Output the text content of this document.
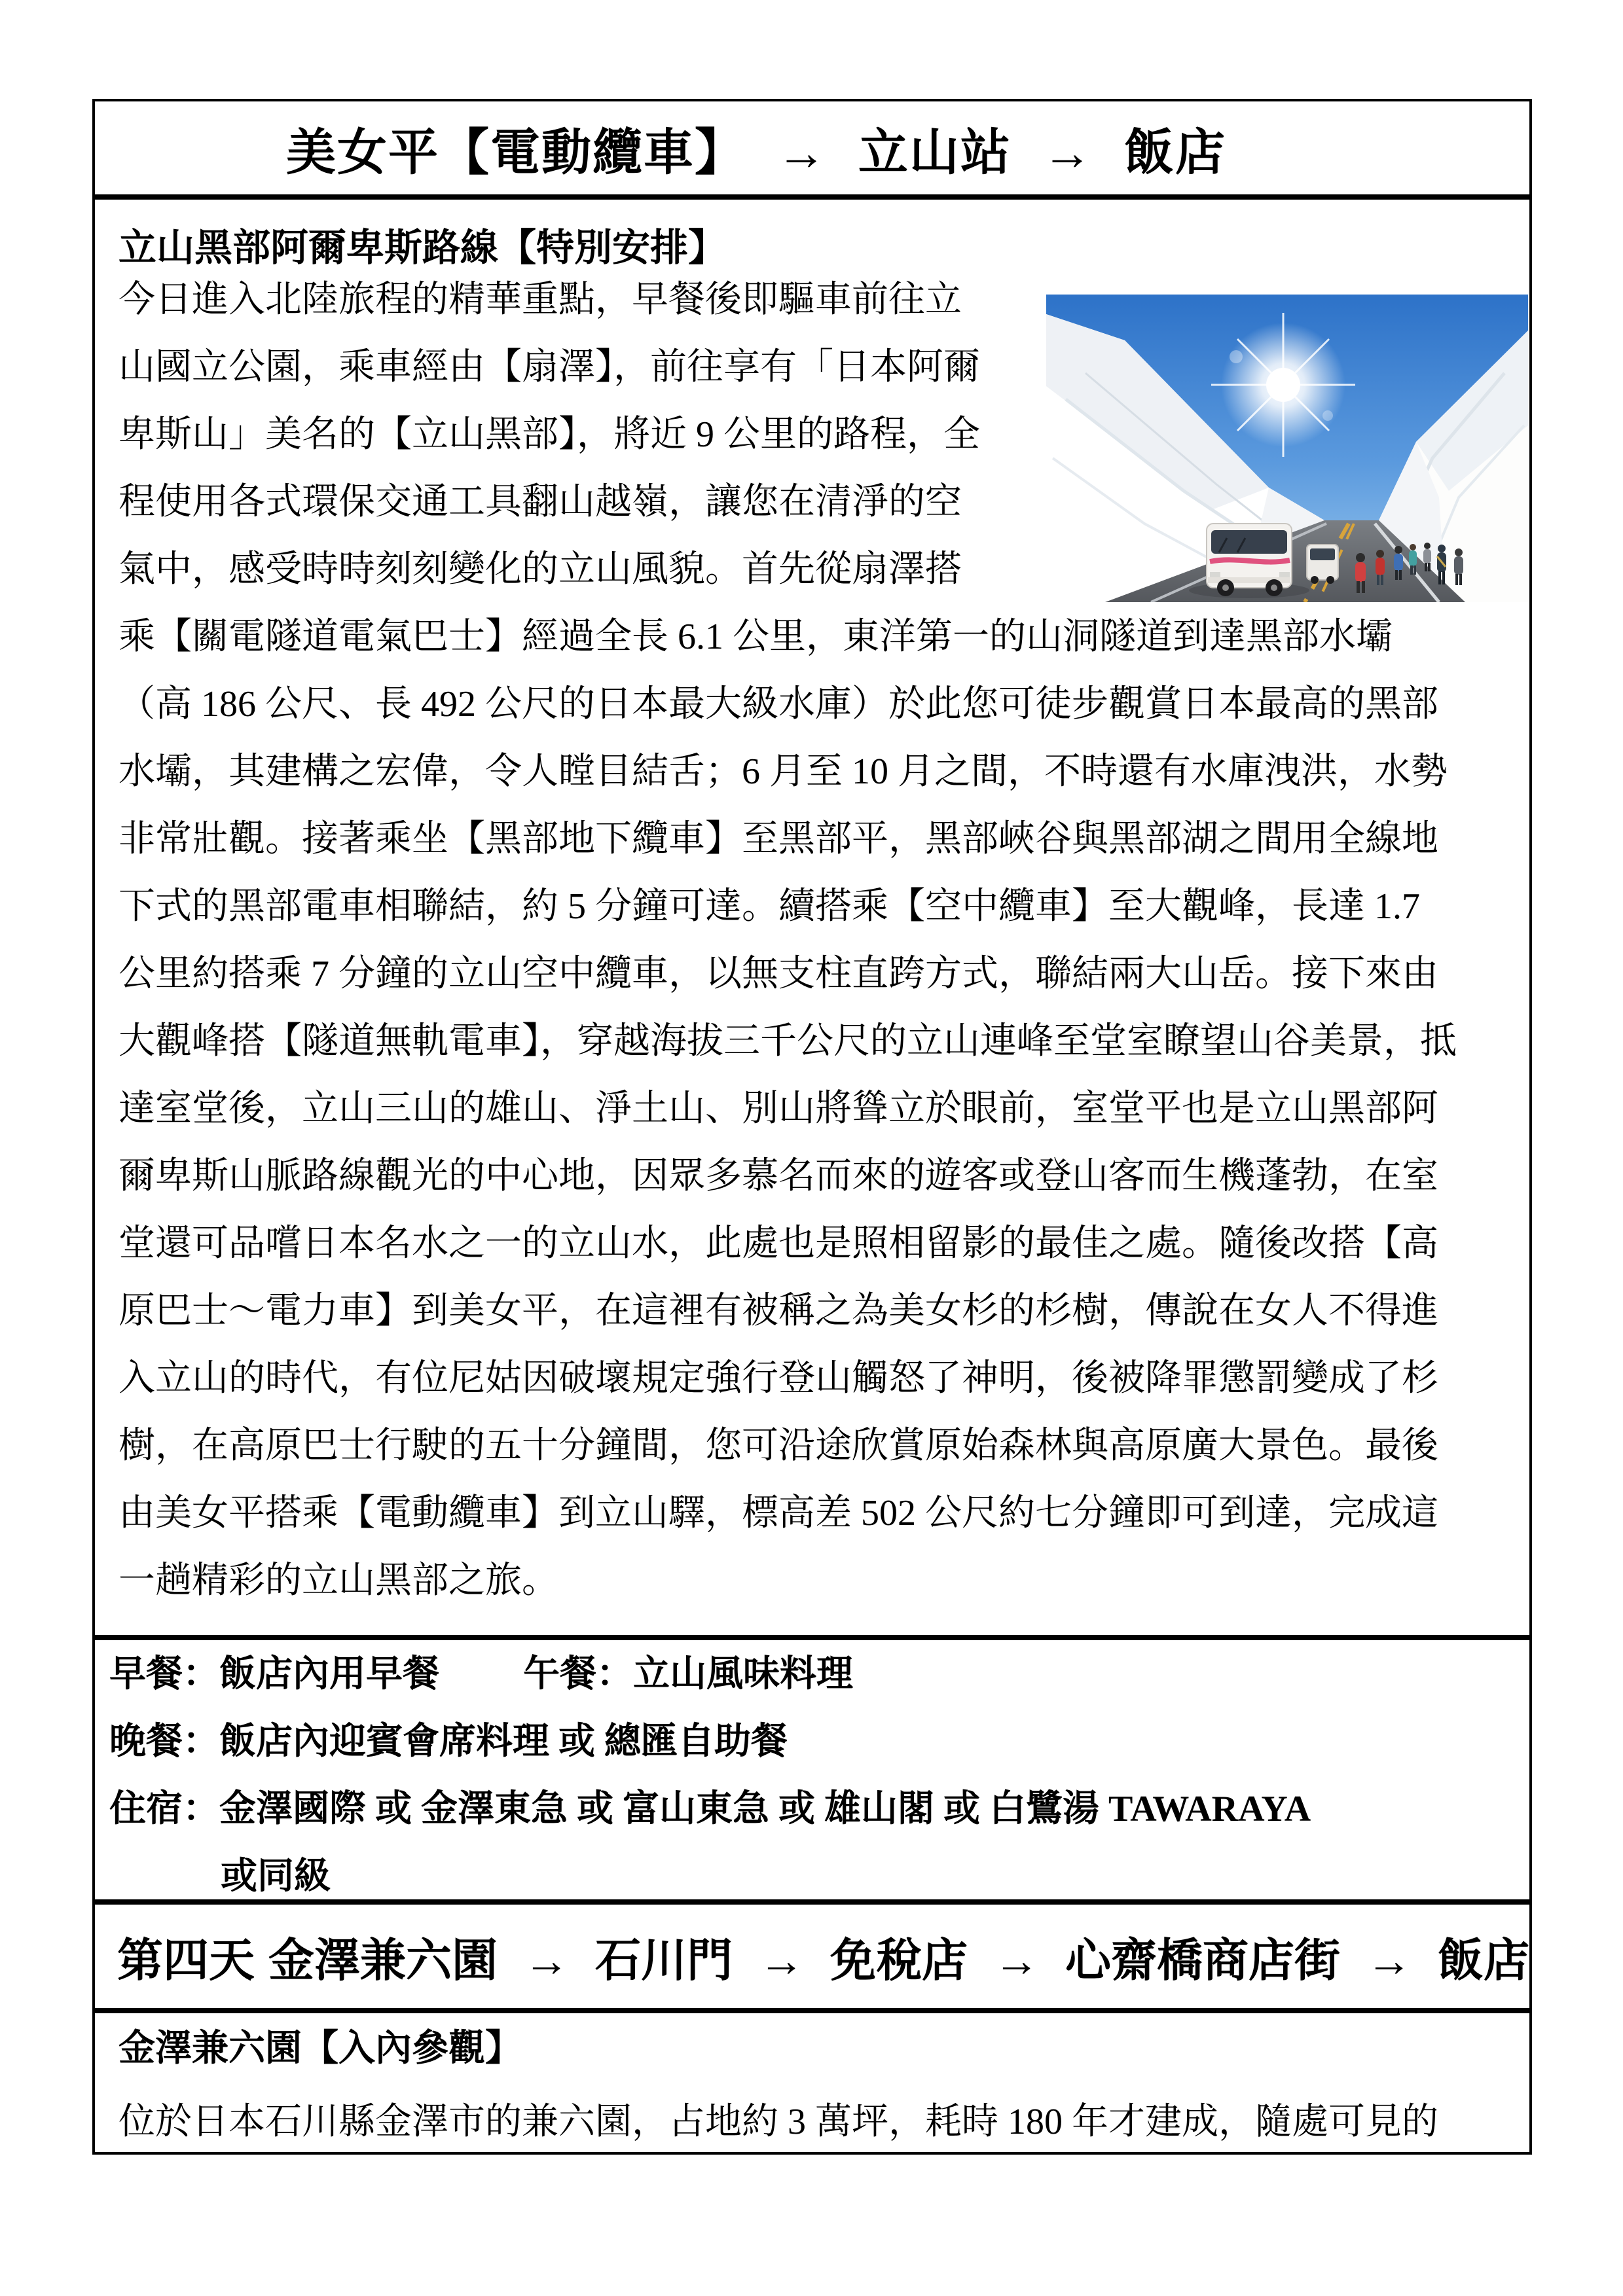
美女平【電動纜車】 → 立山站 → 飯店
立山黑部阿爾卑斯路線【特別安排】
今日進入北陸旅程的精華重點，早餐後即驅車前往立
山國立公園，乘車經由【扇澤】，前往享有「日本阿爾
卑斯山」美名的【立山黑部】，將近 9 公里的路程，全
程使用各式環保交通工具翻山越嶺，讓您在清淨的空
氣中，感受時時刻刻變化的立山風貌。首先從扇澤搭
乘【關電隧道電氣巴士】經過全長 6.1 公里，東洋第一的山洞隧道到達黑部水壩
（高 186 公尺、長 492 公尺的日本最大級水庫）於此您可徒步觀賞日本最高的黑部
水壩，其建構之宏偉，令人瞠目結舌；6 月至 10 月之間，不時還有水庫洩洪，水勢
非常壯觀。接著乘坐【黑部地下纜車】至黑部平，黑部峽谷與黑部湖之間用全線地
下式的黑部電車相聯結，約 5 分鐘可達。續搭乘【空中纜車】至大觀峰，長達 1.7
公里約搭乘 7 分鐘的立山空中纜車，以無支柱直跨方式，聯結兩大山岳。接下來由
大觀峰搭【隧道無軌電車】，穿越海拔三千公尺的立山連峰至堂室瞭望山谷美景，抵
達室堂後，立山三山的雄山、淨土山、別山將聳立於眼前，室堂平也是立山黑部阿
爾卑斯山脈路線觀光的中心地，因眾多慕名而來的遊客或登山客而生機蓬勃，在室
堂還可品嚐日本名水之一的立山水，此處也是照相留影的最佳之處。隨後改搭【高
原巴士～電力車】到美女平，在這裡有被稱之為美女杉的杉樹，傳說在女人不得進
入立山的時代，有位尼姑因破壞規定強行登山觸怒了神明，後被降罪懲罰變成了杉
樹，在高原巴士行駛的五十分鐘間，您可沿途欣賞原始森林與高原廣大景色。最後
由美女平搭乘【電動纜車】到立山驛，標高差 502 公尺約七分鐘即可到達，完成這
一趟精彩的立山黑部之旅。
早餐：飯店內用早餐 午餐：立山風味料理
晚餐：飯店內迎賓會席料理 或 總匯自助餐
住宿：金澤國際 或 金澤東急 或 富山東急 或 雄山閣 或 白鷺湯 TAWARAYA
或同級
第四天 金澤兼六園 → 石川門 → 免稅店 → 心齋橋商店街 → 飯店
金澤兼六園【入內參觀】
位於日本石川縣金澤市的兼六園，占地約 3 萬坪，耗時 180 年才建成，隨處可見的
